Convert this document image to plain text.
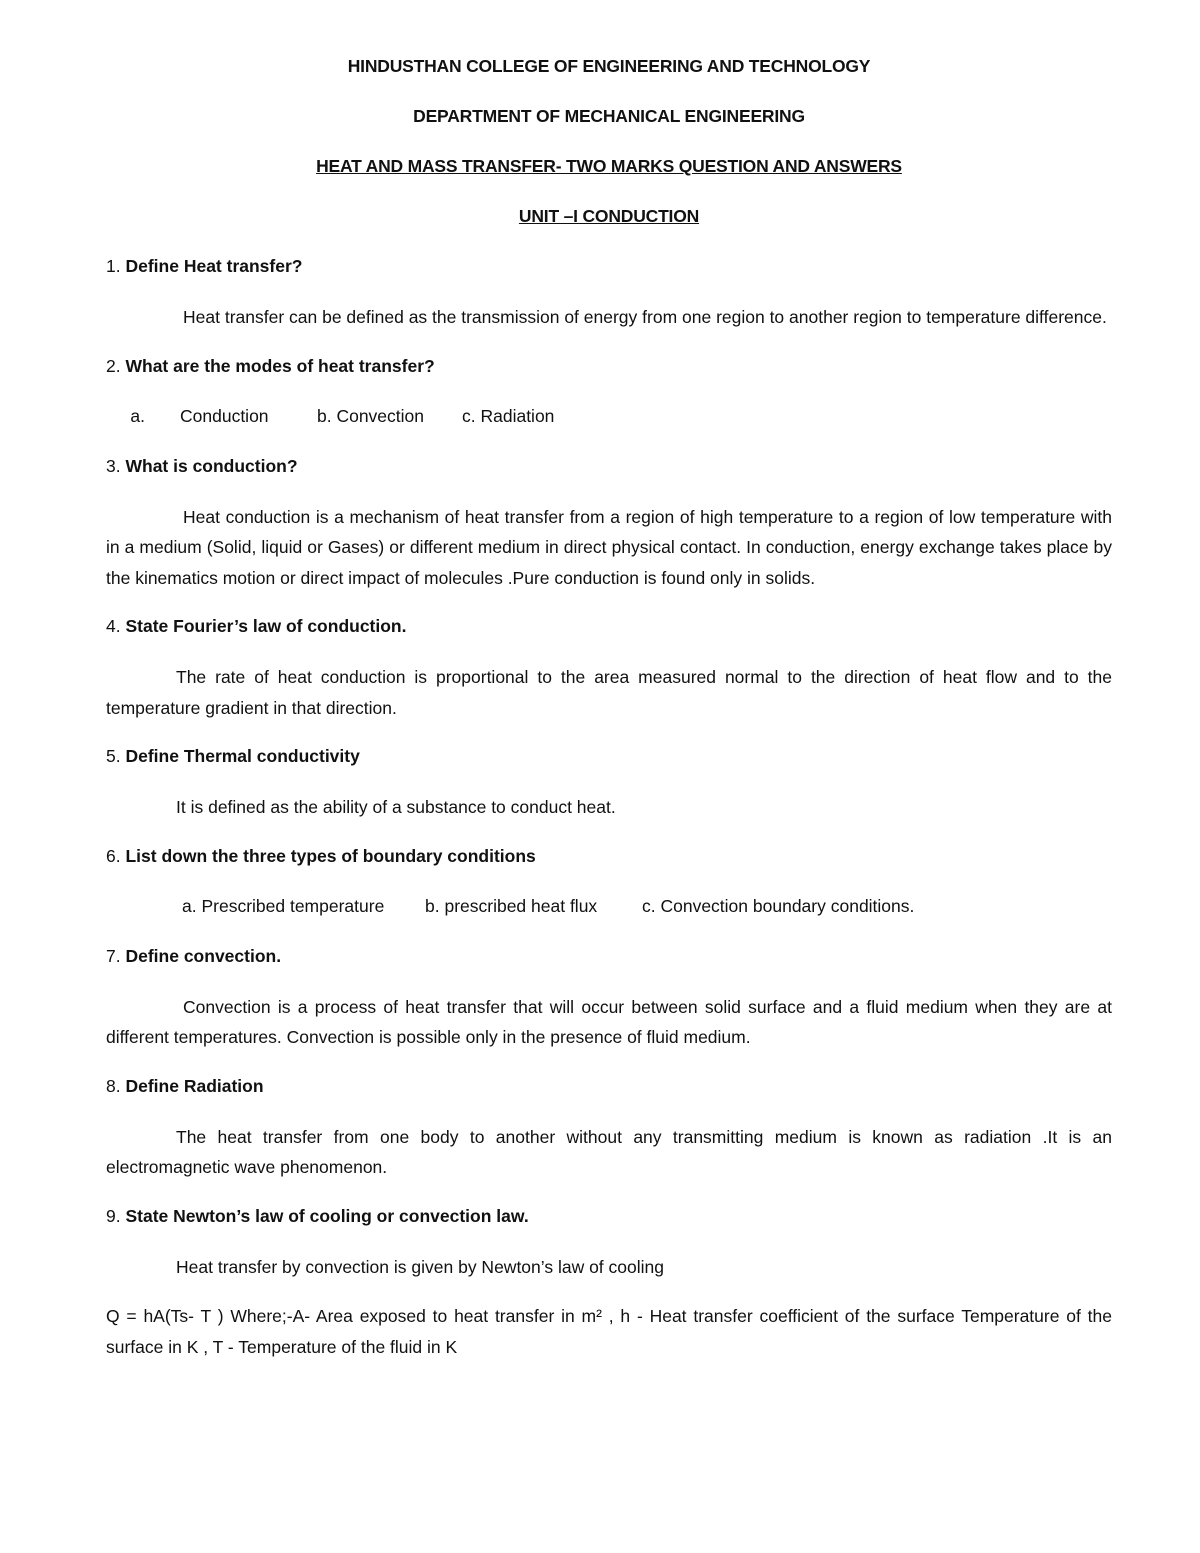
HINDUSTHAN COLLEGE OF ENGINEERING AND TECHNOLOGY

DEPARTMENT OF MECHANICAL ENGINEERING

HEAT AND MASS TRANSFER- TWO MARKS QUESTION AND ANSWERS

UNIT –I CONDUCTION

1. Define Heat transfer?

Heat transfer can be defined as the transmission of energy from one region to another region to temperature difference.

2. What are the modes of heat transfer?

a. Conduction	b. Convection c. Radiation

3. What is conduction?

Heat conduction is a mechanism of heat transfer from a region of high temperature to a region of low temperature with in a medium (Solid, liquid or Gases) or different medium in direct physical contact. In conduction, energy exchange takes place by the kinematics motion or direct impact of molecules .Pure conduction is found only in solids.

4. State Fourier’s law of conduction.

The rate of heat conduction is proportional to the area measured normal to the direction of heat flow and to the temperature gradient in that direction.

5. Define Thermal conductivity

It is defined as the ability of a substance to conduct heat.

6. List down the three types of boundary conditions

a. Prescribed temperature b. prescribed heat flux	c. Convection boundary conditions.

7. Define convection.

Convection is a process of heat transfer that will occur between solid surface and a fluid medium when they are at different temperatures. Convection is possible only in the presence of fluid medium.

8. Define Radiation

The heat transfer from one body to another without any transmitting medium is known as radiation .It is an electromagnetic wave phenomenon.

9. State Newton’s law of cooling or convection law.

Heat transfer by convection is given by Newton’s law of cooling

Q = hA(Ts- T ) Where;-A- Area exposed to heat transfer in m² , h - Heat transfer coefficient of the surface Temperature of the surface in K , T - Temperature of the fluid in K
